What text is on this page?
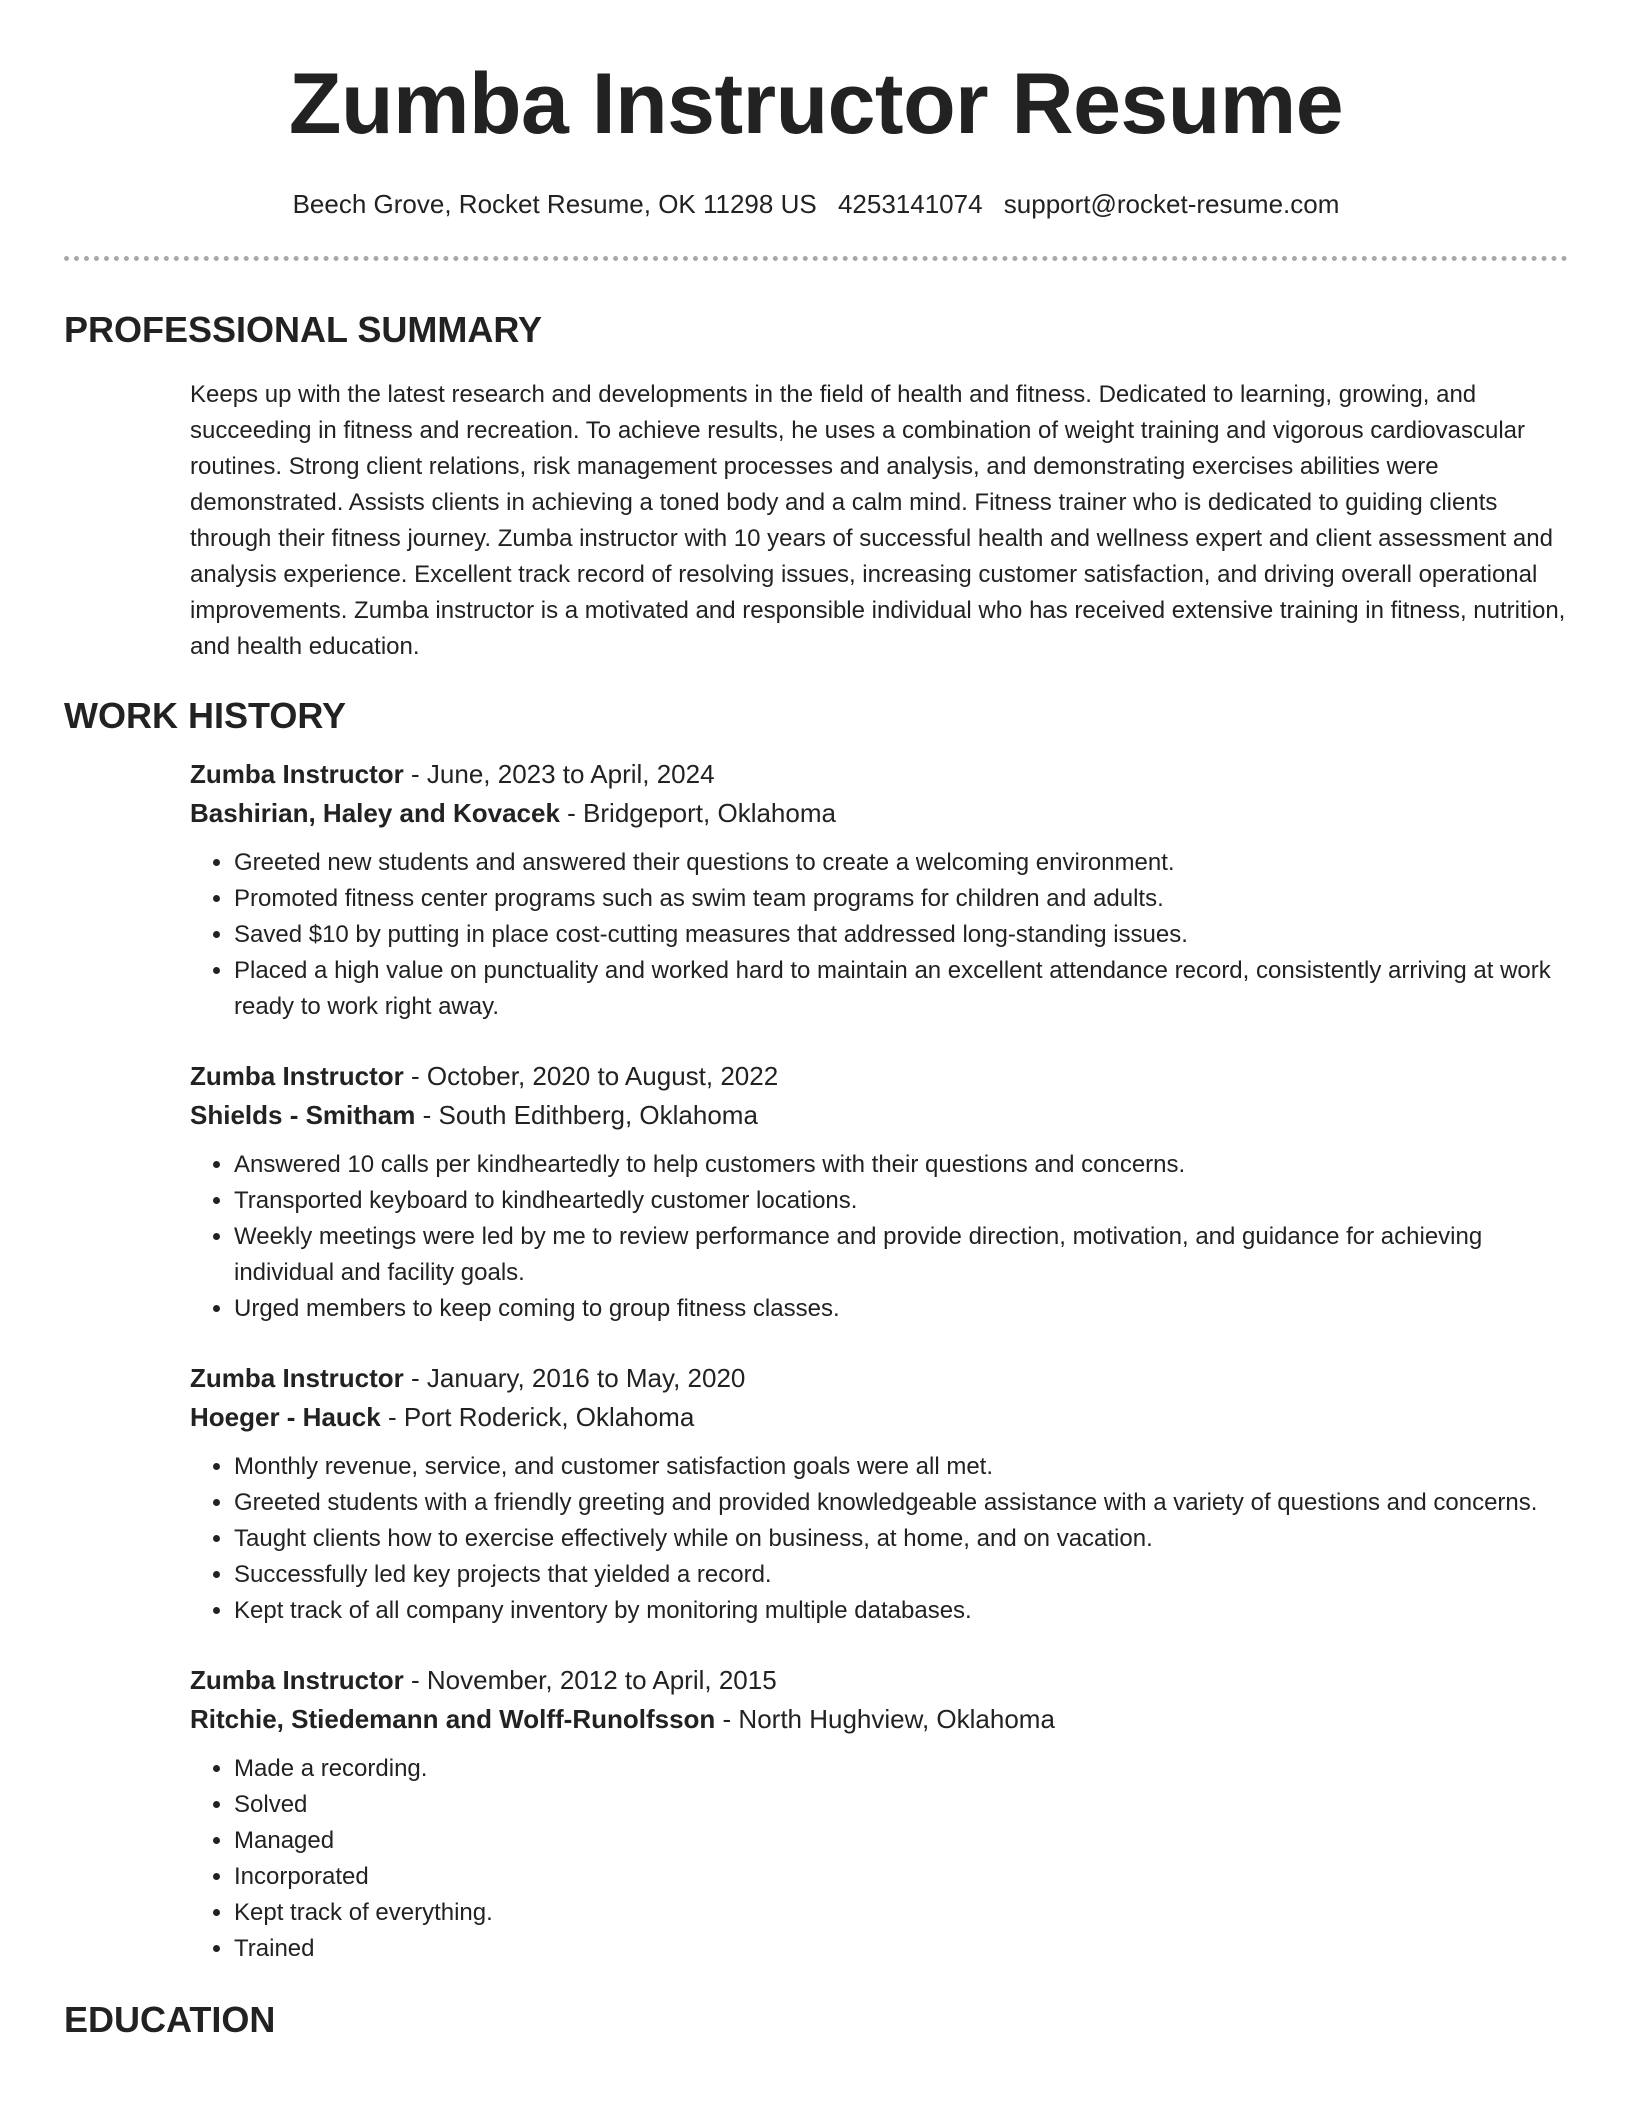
Zumba Instructor Resume
Beech Grove, Rocket Resume, OK 11298 US 4253141074 support@rocket-resume.com
PROFESSIONAL SUMMARY

Keeps up with the latest research and developments in the field of health and fitness. Dedicated to learning, growing, and succeeding in fitness and recreation. To achieve results, he uses a combination of weight training and vigorous cardiovascular routines. Strong client relations, risk management processes and analysis, and demonstrating exercises abilities were demonstrated. Assists clients in achieving a toned body and a calm mind. Fitness trainer who is dedicated to guiding clients through their fitness journey. Zumba instructor with 10 years of successful health and wellness expert and client assessment and analysis experience. Excellent track record of resolving issues, increasing customer satisfaction, and driving overall operational improvements. Zumba instructor is a motivated and responsible individual who has received extensive training in fitness, nutrition, and health education.

WORK HISTORY
Zumba Instructor - June, 2023 to April, 2024
Bashirian, Haley and Kovacek - Bridgeport, Oklahoma
• Greeted new students and answered their questions to create a welcoming environment.
• Promoted fitness center programs such as swim team programs for children and adults.
• Saved $10 by putting in place cost-cutting measures that addressed long-standing issues.
• Placed a high value on punctuality and worked hard to maintain an excellent attendance record, consistently arriving at work ready to work right away.
Zumba Instructor - October, 2020 to August, 2022
Shields - Smitham - South Edithberg, Oklahoma
• Answered 10 calls per kindheartedly to help customers with their questions and concerns.
• Transported keyboard to kindheartedly customer locations.
• Weekly meetings were led by me to review performance and provide direction, motivation, and guidance for achieving individual and facility goals.
• Urged members to keep coming to group fitness classes.
Zumba Instructor - January, 2016 to May, 2020
Hoeger - Hauck - Port Roderick, Oklahoma
• Monthly revenue, service, and customer satisfaction goals were all met.
• Greeted students with a friendly greeting and provided knowledgeable assistance with a variety of questions and concerns.
• Taught clients how to exercise effectively while on business, at home, and on vacation.
• Successfully led key projects that yielded a record.
• Kept track of all company inventory by monitoring multiple databases.
Zumba Instructor - November, 2012 to April, 2015
Ritchie, Stiedemann and Wolff-Runolfsson - North Hughview, Oklahoma
• Made a recording.
• Solved
• Managed
• Incorporated
• Kept track of everything.
• Trained
EDUCATION
